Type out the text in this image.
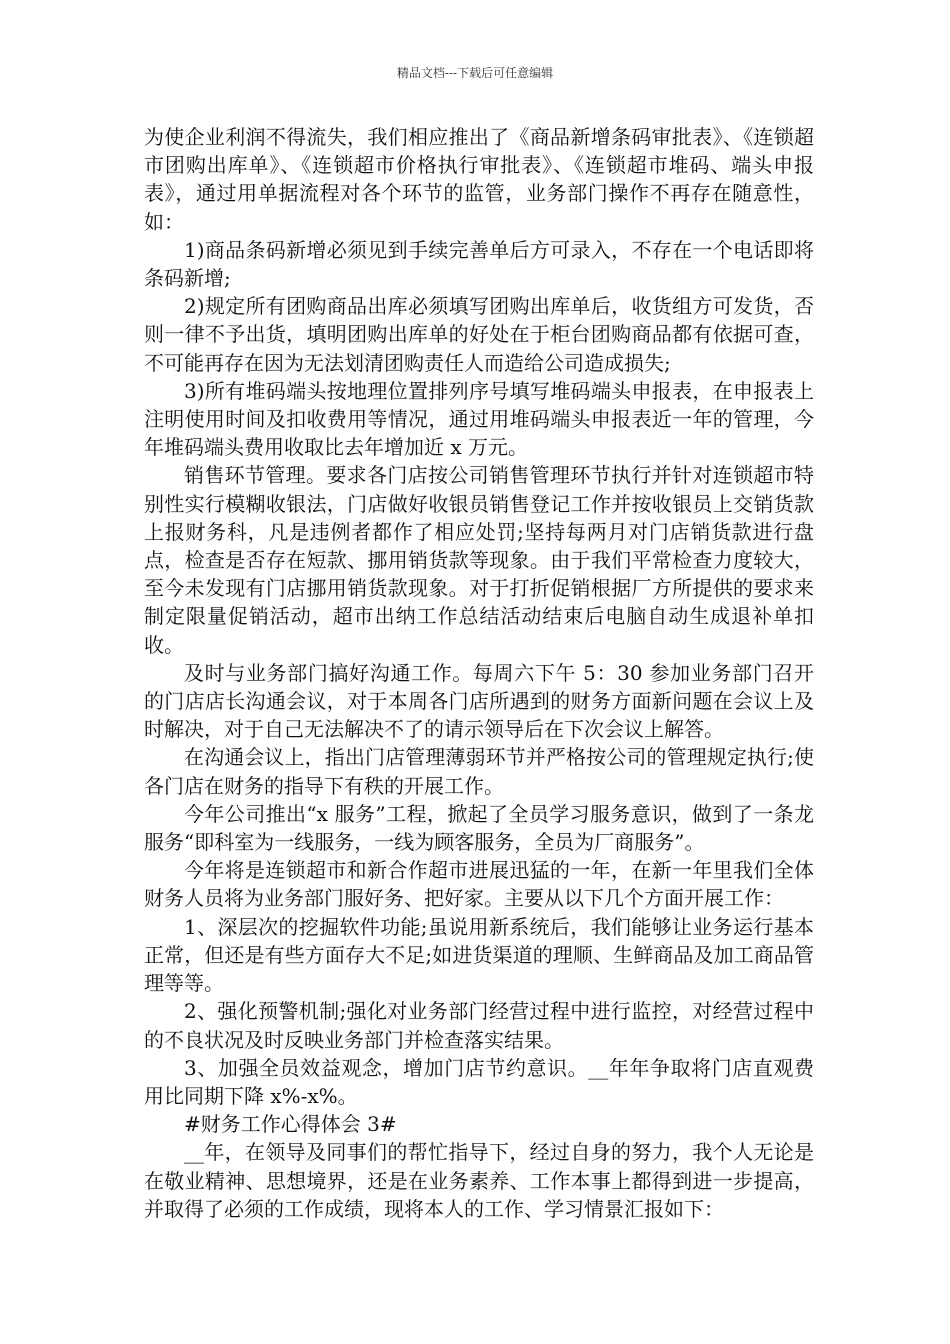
精品文档---下载后可任意编辑

为使企业利润不得流失，我们相应推出了《商品新增条码审批表》、《连锁超市团购出库单》、《连锁超市价格执行审批表》、《连锁超市堆码、端头申报表》，通过用单据流程对各个环节的监管，业务部门操作不再存在随意性，如：

1)商品条码新增必须见到手续完善单后方可录入，不存在一个电话即将条码新增;

2)规定所有团购商品出库必须填写团购出库单后，收货组方可发货，否则一律不予出货，填明团购出库单的好处在于柜台团购商品都有依据可查，不可能再存在因为无法划清团购责任人而造给公司造成损失;

3)所有堆码端头按地理位置排列序号填写堆码端头申报表，在申报表上注明使用时间及扣收费用等情况，通过用堆码端头申报表近一年的管理，今年堆码端头费用收取比去年增加近 x 万元。

销售环节管理。要求各门店按公司销售管理环节执行并针对连锁超市特别性实行模糊收银法，门店做好收银员销售登记工作并按收银员上交销货款上报财务科，凡是违例者都作了相应处罚;坚持每两月对门店销货款进行盘点，检查是否存在短款、挪用销货款等现象。由于我们平常检查力度较大，至今未发现有门店挪用销货款现象。对于打折促销根据厂方所提供的要求来制定限量促销活动，超市出纳工作总结活动结束后电脑自动生成退补单扣收。

及时与业务部门搞好沟通工作。每周六下午 5：30 参加业务部门召开的门店店长沟通会议，对于本周各门店所遇到的财务方面新问题在会议上及时解决，对于自己无法解决不了的请示领导后在下次会议上解答。

在沟通会议上，指出门店管理薄弱环节并严格按公司的管理规定执行;使各门店在财务的指导下有秩的开展工作。

今年公司推出“x 服务”工程，掀起了全员学习服务意识，做到了一条龙服务“即科室为一线服务，一线为顾客服务，全员为厂商服务”。

今年将是连锁超市和新合作超市进展迅猛的一年，在新一年里我们全体财务人员将为业务部门服好务、把好家。主要从以下几个方面开展工作：

1、深层次的挖掘软件功能;虽说用新系统后，我们能够让业务运行基本正常，但还是有些方面存大不足;如进货渠道的理顺、生鲜商品及加工商品管理等等。

2、强化预警机制;强化对业务部门经营过程中进行监控，对经营过程中的不良状况及时反映业务部门并检查落实结果。

3、加强全员效益观念，增加门店节约意识。__年年争取将门店直观费用比同期下降 x%-x%。

#财务工作心得体会 3#

__年，在领导及同事们的帮忙指导下，经过自身的努力，我个人无论是在敬业精神、思想境界，还是在业务素养、工作本事上都得到进一步提高，并取得了必须的工作成绩，现将本人的工作、学习情景汇报如下：
